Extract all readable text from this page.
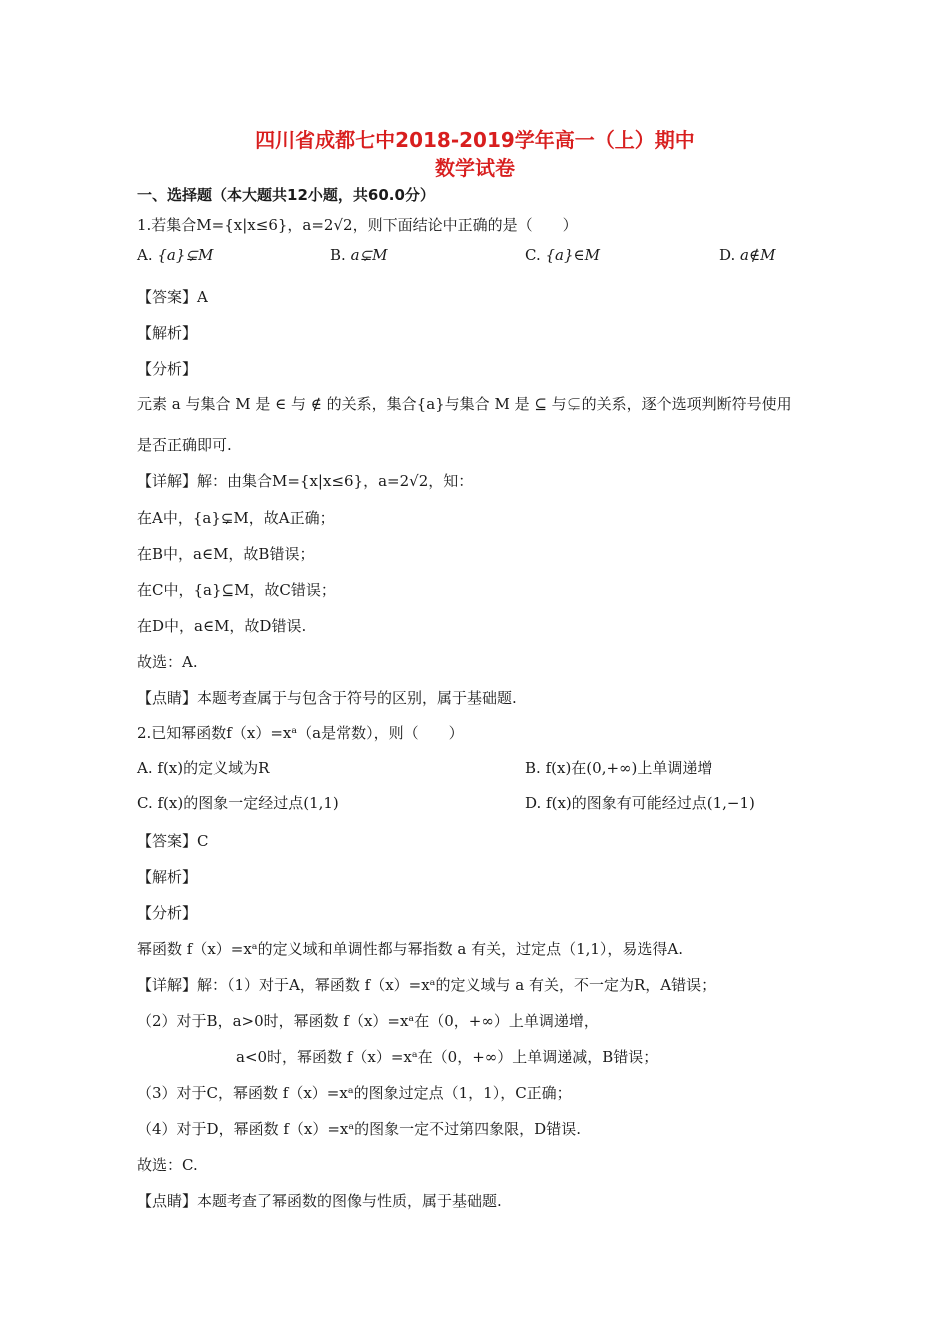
四川省成都七中2018-2019学年高一（上）期中
数学试卷
一、选择题（本大题共12小题，共60.0分）
1.若集合M={x|x≤6}，a=2√2，则下面结论中正确的是（　　）
A. {a}⊊M	B. a⊊M	C. {a}∈M	D. a∉M
【答案】A
【解析】
【分析】
元素 a 与集合 M 是 ∈ 与 ∉ 的关系，集合{a}与集合 M 是 ⊆ 与⊊的关系，逐个选项判断符号使用
是否正确即可.
【详解】解：由集合M={x|x≤6}，a=2√2，知：
在A中，{a}⊊M，故A正确；
在B中，a∈M，故B错误；
在C中，{a}⊆M，故C错误；
在D中，a∈M，故D错误.
故选：A.
【点睛】本题考查属于与包含于符号的区别，属于基础题.
2.已知幂函数f（x）=xᵃ（a是常数），则（　　）
A. f(x)的定义域为R	B. f(x)在(0,+∞)上单调递增
C. f(x)的图象一定经过点(1,1)	D. f(x)的图象有可能经过点(1,−1)
【答案】C
【解析】
【分析】
幂函数 f（x）=xᵃ的定义域和单调性都与幂指数 a 有关，过定点（1,1），易选得A.
【详解】解：（1）对于A，幂函数 f（x）=xᵃ的定义域与 a 有关，不一定为R，A错误；
（2）对于B，a>0时，幂函数 f（x）=xᵃ在（0，+∞）上单调递增，
a<0时，幂函数 f（x）=xᵃ在（0，+∞）上单调递减，B错误；
（3）对于C，幂函数 f（x）=xᵃ的图象过定点（1，1），C正确；
（4）对于D，幂函数 f（x）=xᵃ的图象一定不过第四象限，D错误.
故选：C.
【点睛】本题考查了幂函数的图像与性质，属于基础题.
